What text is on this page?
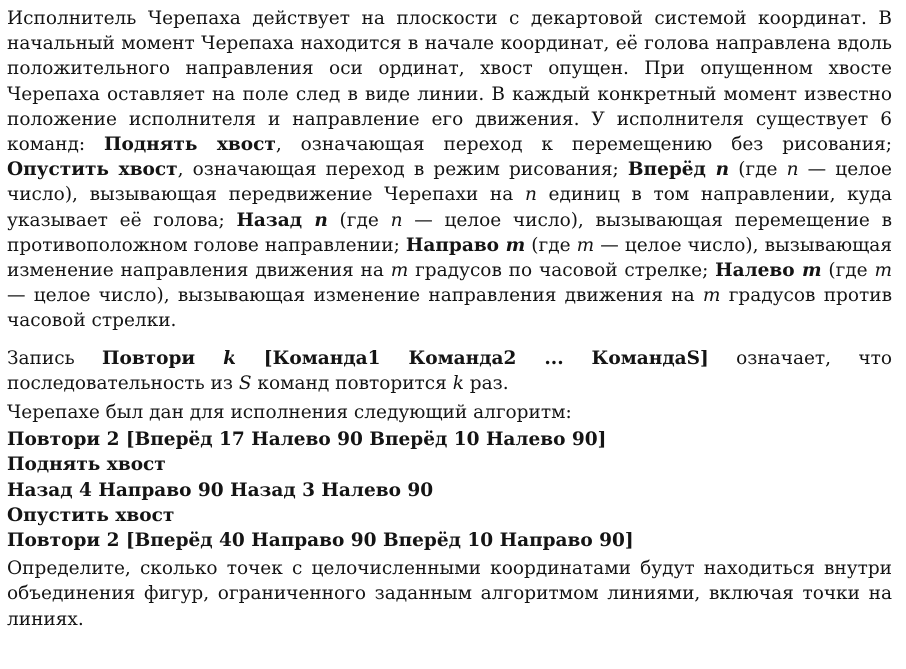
Исполнитель Черепаха действует на плоскости с декартовой системой координат. В начальный момент Черепаха находится в начале координат, её голова направлена вдоль положительного направления оси ординат, хвост опущен. При опущенном хвосте Черепаха оставляет на поле след в виде линии. В каждый конкретный момент известно положение исполнителя и направление его движения. У исполнителя существует 6 команд: Поднять хвост, означающая переход к перемещению без рисования; Опустить хвост, означающая переход в режим рисования; Вперёд n (где n — целое число), вызывающая передвижение Черепахи на n единиц в том направлении, куда указывает её голова; Назад n (где n — целое число), вызывающая перемещение в противоположном голове направлении; Направо m (где m — целое число), вызывающая изменение направления движения на m градусов по часовой стрелке; Налево m (где m — целое число), вызывающая изменение направления движения на m градусов против часовой стрелки.

Запись Повтори k [Команда1 Команда2 ... КомандаS] означает, что последовательность из S команд повторится k раз.

Черепахе был дан для исполнения следующий алгоритм:

Повтори 2 [Вперёд 17 Налево 90 Вперёд 10 Налево 90]

Поднять хвост

Назад 4 Направо 90 Назад 3 Налево 90

Опустить хвост

Повтори 2 [Вперёд 40 Направо 90 Вперёд 10 Направо 90]

Определите, сколько точек с целочисленными координатами будут находиться внутри объединения фигур, ограниченного заданным алгоритмом линиями, включая точки на линиях.
